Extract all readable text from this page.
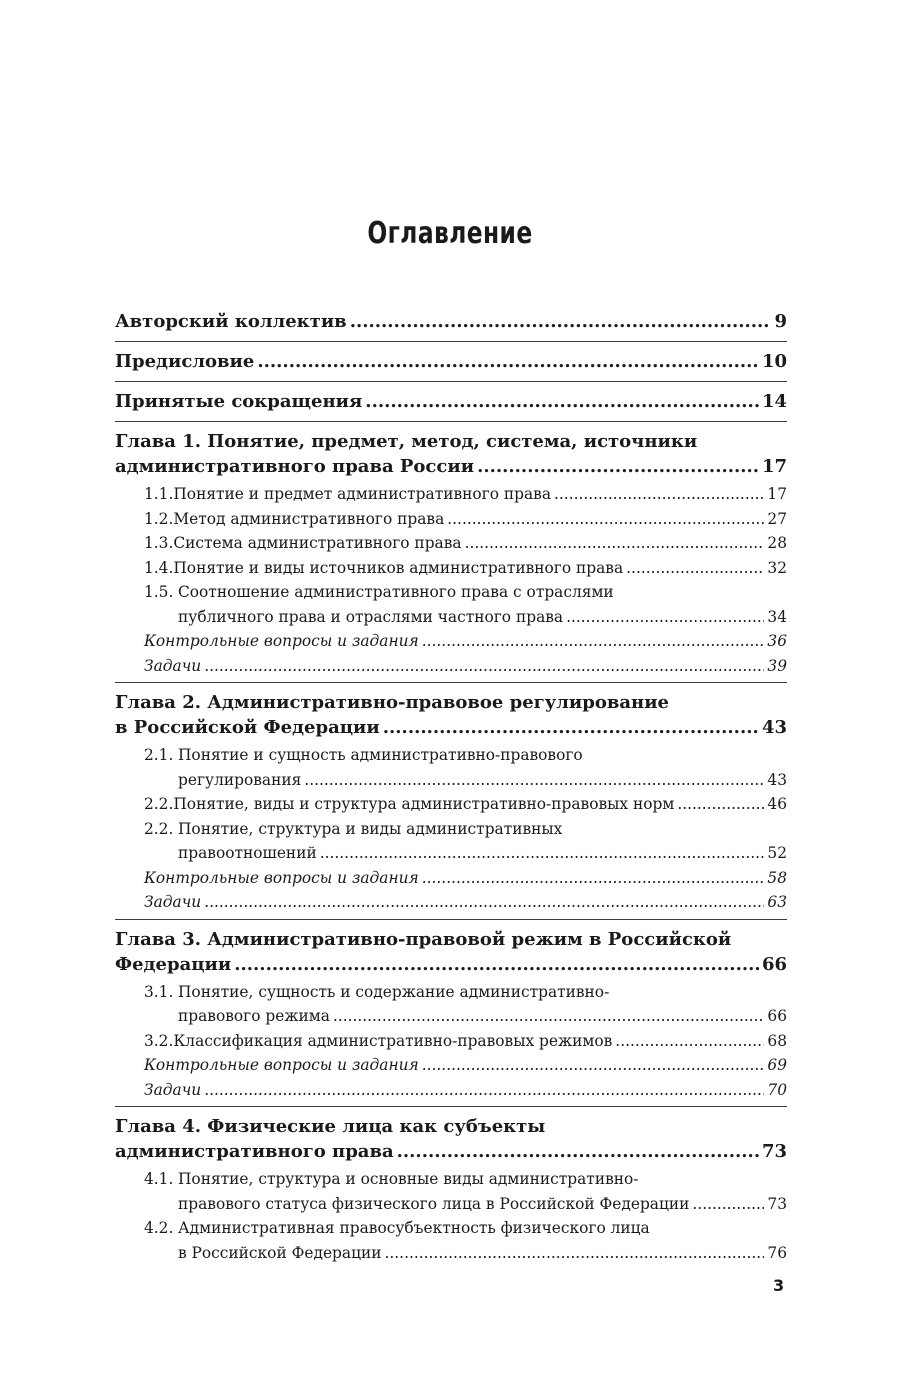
Оглавление
Авторский коллектив .....	9
Предисловие .....	10
Принятые сокращения .....	14
Глава 1. Понятие, предмет, метод, система, источники
административного права России .....	17
1.1. Понятие и предмет административного права .....	17
1.2. Метод административного права .....	27
1.3. Система административного права .....	28
1.4. Понятие и виды источников административного права .....	32
1.5. Соотношение административного права с отраслями
публичного права и отраслями частного права .....	34
Контрольные вопросы и задания .....	36
Задачи .....	39
Глава 2. Административно-правовое регулирование
в Российской Федерации .....	43
2.1. Понятие и сущность административно-правового
регулирования .....	43
2.2. Понятие, виды и структура административно-правовых норм .....	46
2.2. Понятие, структура и виды административных
правоотношений .....	52
Контрольные вопросы и задания .....	58
Задачи .....	63
Глава 3. Административно-правовой режим в Российской
Федерации .....	66
3.1. Понятие, сущность и содержание административно-
правового режима .....	66
3.2. Классификация административно-правовых режимов .....	68
Контрольные вопросы и задания .....	69
Задачи .....	70
Глава 4. Физические лица как субъекты
административного права .....	73
4.1. Понятие, структура и основные виды административно-
правового статуса физического лица в Российской Федерации .....	73
4.2. Административная правосубъектность физического лица
в Российской Федерации .....	76
3
